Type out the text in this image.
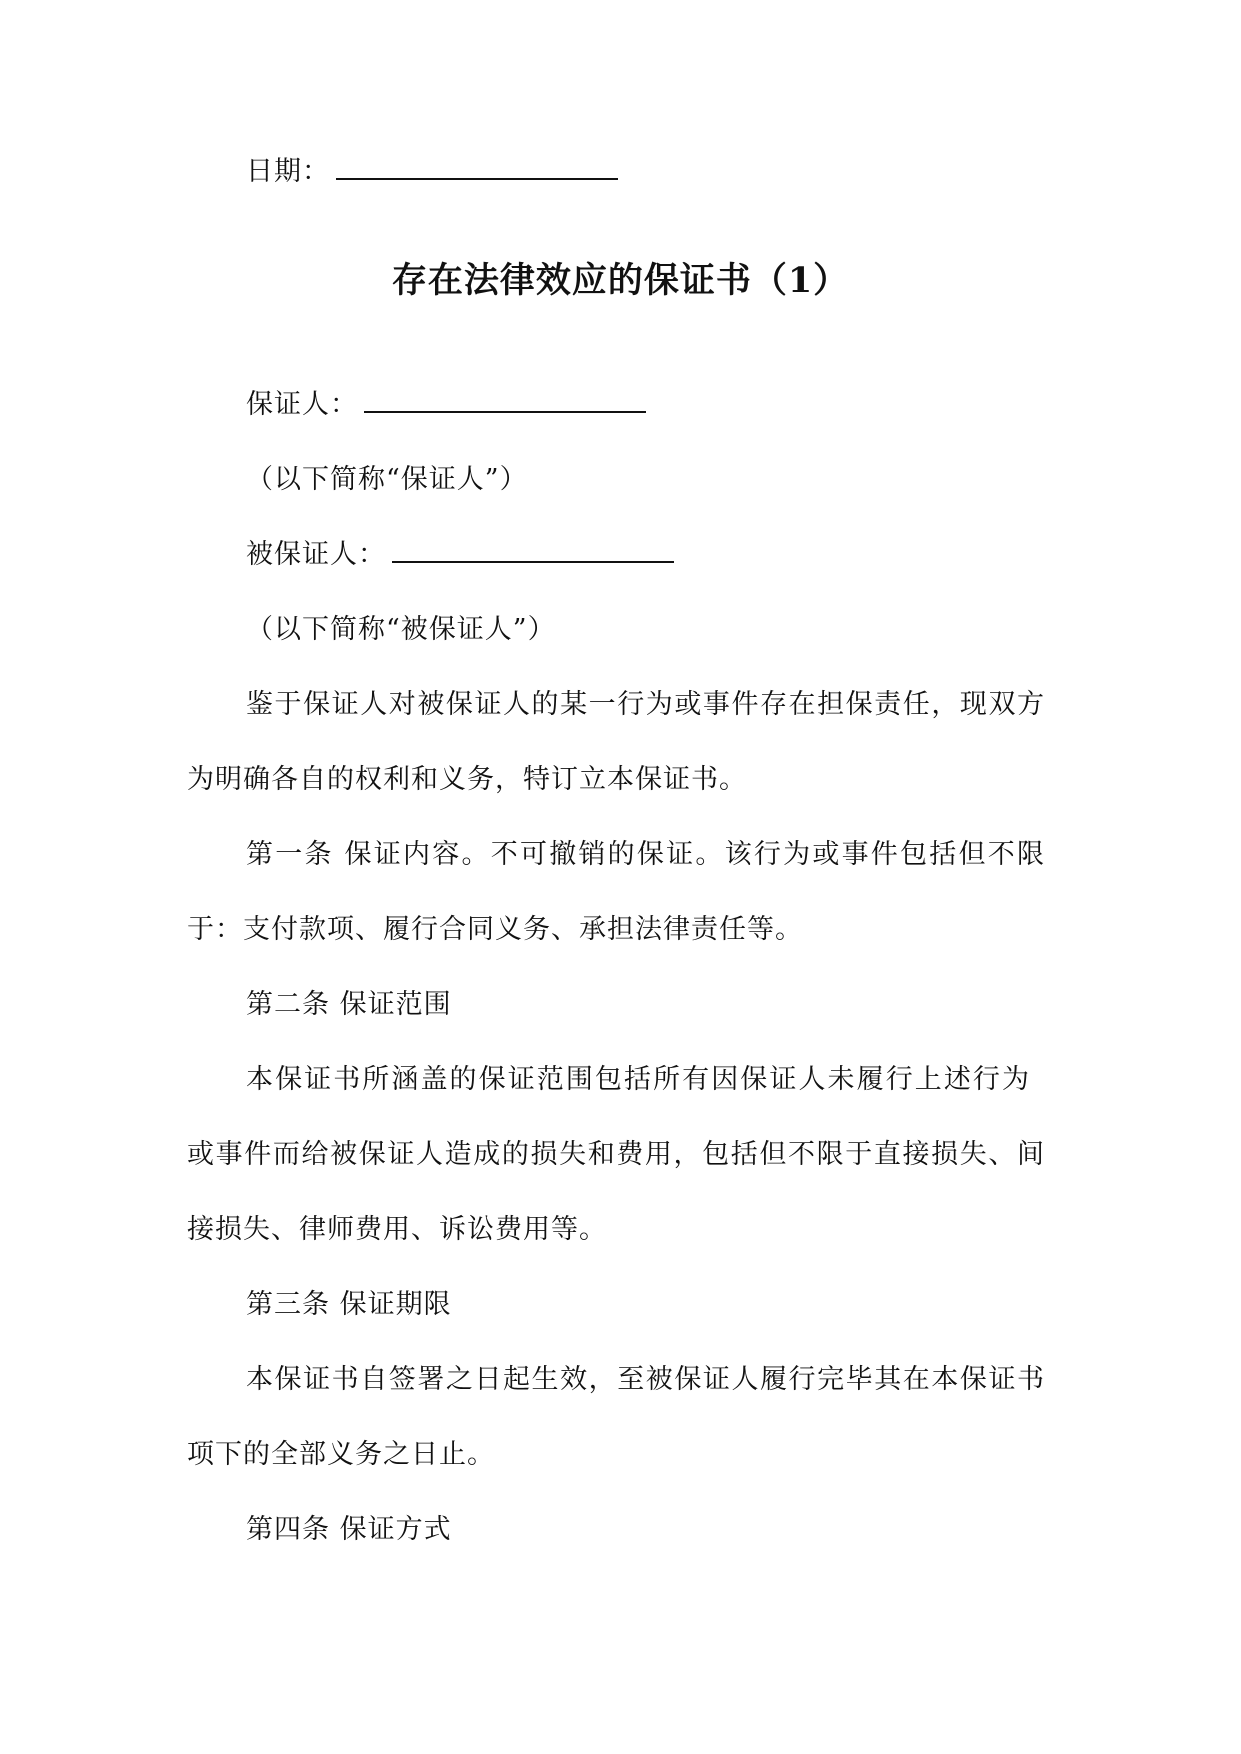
日期：
存在法律效应的保证书（1）
保证人：
（以下简称“保证人”）
被保证人：
（以下简称“被保证人”）
鉴于保证人对被保证人的某一行为或事件存在担保责任，现双方
为明确各自的权利和义务，特订立本保证书。
第一条 保证内容。不可撤销的保证。该行为或事件包括但不限
于：支付款项、履行合同义务、承担法律责任等。
第二条 保证范围
本保证书所涵盖的保证范围包括所有因保证人未履行上述行为
或事件而给被保证人造成的损失和费用，包括但不限于直接损失、间
接损失、律师费用、诉讼费用等。
第三条 保证期限
本保证书自签署之日起生效，至被保证人履行完毕其在本保证书
项下的全部义务之日止。
第四条 保证方式
